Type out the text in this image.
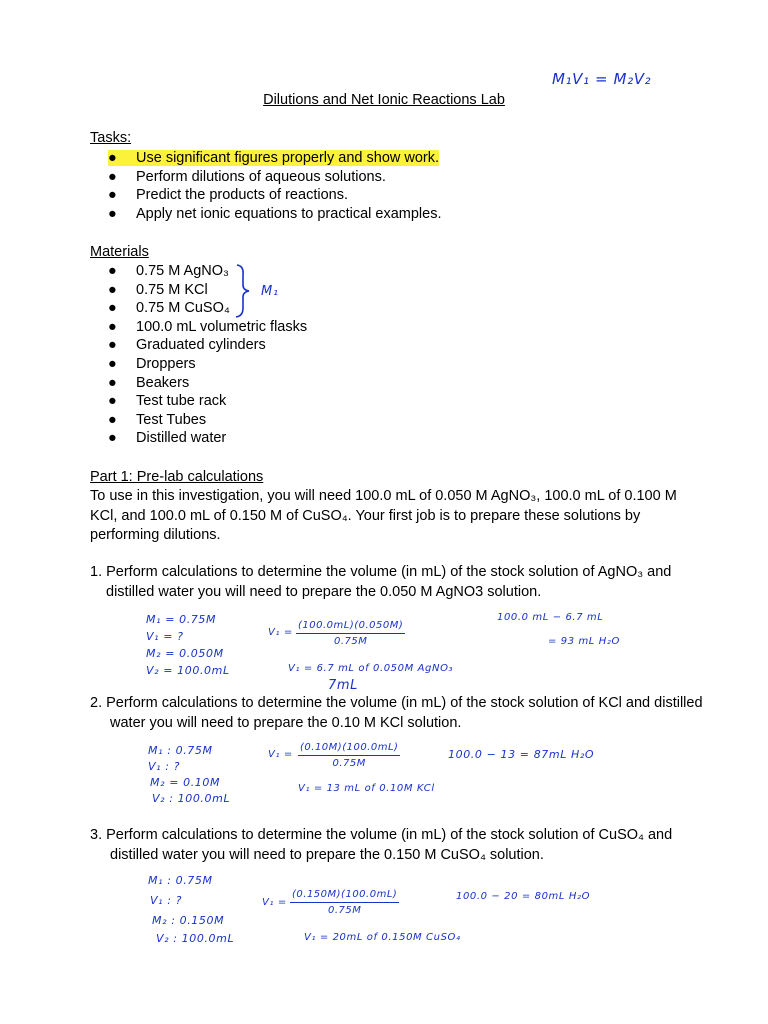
M₁V₁ = M₂V₂
Dilutions and Net Ionic Reactions Lab
Tasks:
● Use significant figures properly and show work.
● Perform dilutions of aqueous solutions.
● Predict the products of reactions.
● Apply net ionic equations to practical examples.
Materials
● 0.75 M AgNO₃
● 0.75 M KCl
● 0.75 M CuSO₄
● 100.0 mL volumetric flasks
● Graduated cylinders
● Droppers
● Beakers
● Test tube rack
● Test Tubes
● Distilled water
M₁
Part 1: Pre-lab calculations
To use in this investigation, you will need 100.0 mL of 0.050 M AgNO₃, 100.0 mL of 0.100 M
KCl, and 100.0 mL of 0.150 M of CuSO₄. Your first job is to prepare these solutions by
performing dilutions.
1. Perform calculations to determine the volume (in mL) of the stock solution of AgNO₃ and
distilled water you will need to prepare the 0.050 M AgNO3 solution.
M₁ = 0.75M
V₁ = ?
M₂ = 0.050M
V₂ = 100.0mL
$V_1 = \frac{(100.0mL)(0.050M)}{0.75M}$
V₁ = 6.7 mL of 0.050M AgNO₃
7mL
100.0 mL − 6.7 mL
= 93 mL H₂O
2. Perform calculations to determine the volume (in mL) of the stock solution of KCl and distilled
water you will need to prepare the 0.10 M KCl solution.
M₁ : 0.75M
V₁ : ?
M₂ = 0.10M
V₂ : 100.0mL
$V_1 = \frac{(0.10M)(100.0mL)}{0.75M}$
V₁ = 13 mL of 0.10M KCl
100.0 − 13 = 87mL H₂O
3. Perform calculations to determine the volume (in mL) of the stock solution of CuSO₄ and
distilled water you will need to prepare the 0.150 M CuSO₄ solution.
M₁ : 0.75M
V₁ : ?
M₂ : 0.150M
V₂ : 100.0mL
$V_1 = \frac{(0.150M)(100.0mL)}{0.75M}$
V₁ = 20mL of 0.150M CuSO₄
100.0 − 20 = 80mL H₂O
